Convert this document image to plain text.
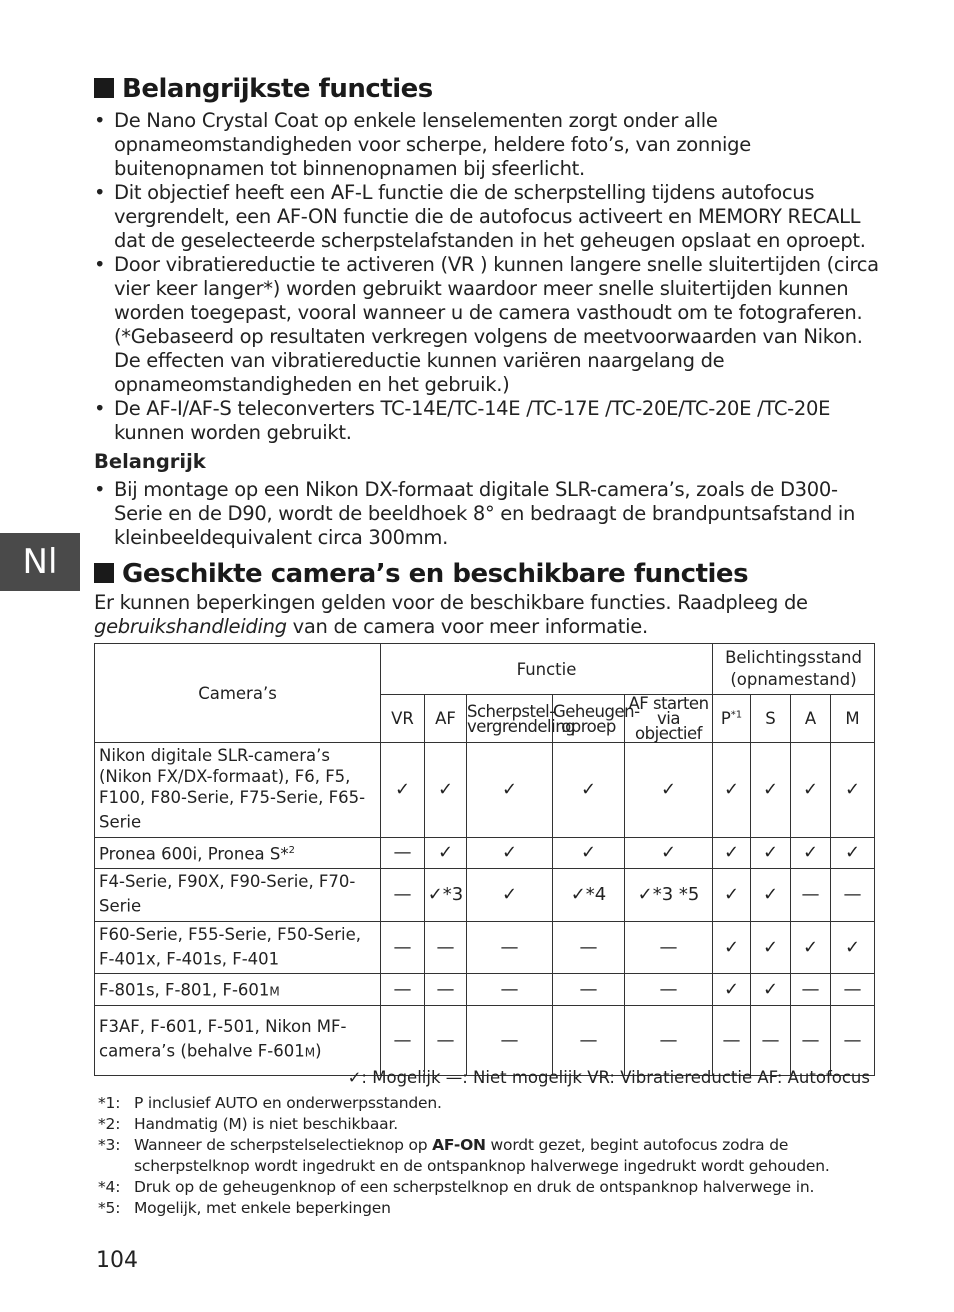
Nl
Belangrijkste functies
• De Nano Crystal Coat op enkele lenselementen zorgt onder alle opnameomstandigheden voor scherpe, heldere foto’s, van zonnige buitenopnamen tot binnenopnamen bij sfeerlicht.
• Dit objectief heeft een AF-L functie die de scherpstelling tijdens autofocus vergrendelt, een AF-ON functie die de autofocus activeert en MEMORY RECALL dat de geselecteerde scherpstelafstanden in het geheugen opslaat en oproept.
• Door vibratiereductie te activeren (VR ) kunnen langere snelle sluitertijden (circa vier keer langer*) worden gebruikt waardoor meer snelle sluitertijden kunnen worden toegepast, vooral wanneer u de camera vasthoudt om te fotograferen. (*Gebaseerd op resultaten verkregen volgens de meetvoorwaarden van Nikon. De effecten van vibratiereductie kunnen variëren naargelang de opnameomstandigheden en het gebruik.)
• De AF-I/AF-S teleconverters TC-14E/TC-14E /TC-17E /TC-20E/TC-20E /TC-20E kunnen worden gebruikt.
Belangrijk
• Bij montage op een Nikon DX-formaat digitale SLR-camera’s, zoals de D300-Serie en de D90, wordt de beeldhoek 8° en bedraagt de brandpuntsafstand in kleinbeeldequivalent circa 300mm.
Geschikte camera’s en beschikbare functies
Er kunnen beperkingen gelden voor de beschikbare functies. Raadpleeg de gebruikshandleiding van de camera voor meer informatie.
Camera’s	Functie					Belichtingsstand (opnamestand)			
	VR	AF	Scherpstel-vergrendeling	Geheugen-oproep	AF starten via objectief	$P^{*1}$	S	A	M
Nikon digitale SLR-camera’s (Nikon FX/DX-formaat), F6, F5, F100, F80-Serie, F75-Serie, F65-Serie	✓	✓	✓	✓	✓	✓	✓	✓	✓
Pronea 600i, Pronea S*$^2$	—	✓	✓	✓	✓	✓	✓	✓	✓
F4-Serie, F90X, F90-Serie, F70-Serie	—	✓*3	✓	✓*4	✓*3 *5	✓	✓	—	—
F60-Serie, F55-Serie, F50-Serie, F-401x, F-401s, F-401	—	—	—	—	—	✓	✓	✓	✓
F-801s, F-801, F-601M	—	—	—	—	—	✓	✓	—	—
F3AF, F-601, F-501, Nikon MF-camera’s (behalve F-601M)	—	—	—	—	—	—	—	—	—
✓: Mogelijk —: Niet mogelijk VR: Vibratiereductie AF: Autofocus
*1: P inclusief AUTO en onderwerpsstanden.
*2: Handmatig (M) is niet beschikbaar.
*3: Wanneer de scherpstelselectieknop op AF-ON wordt gezet, begint autofocus zodra de scherpstelknop wordt ingedrukt en de ontspanknop halverwege ingedrukt wordt gehouden.
*4: Druk op de geheugenknop of een scherpstelknop en druk de ontspanknop halverwege in.
*5: Mogelijk, met enkele beperkingen
104
